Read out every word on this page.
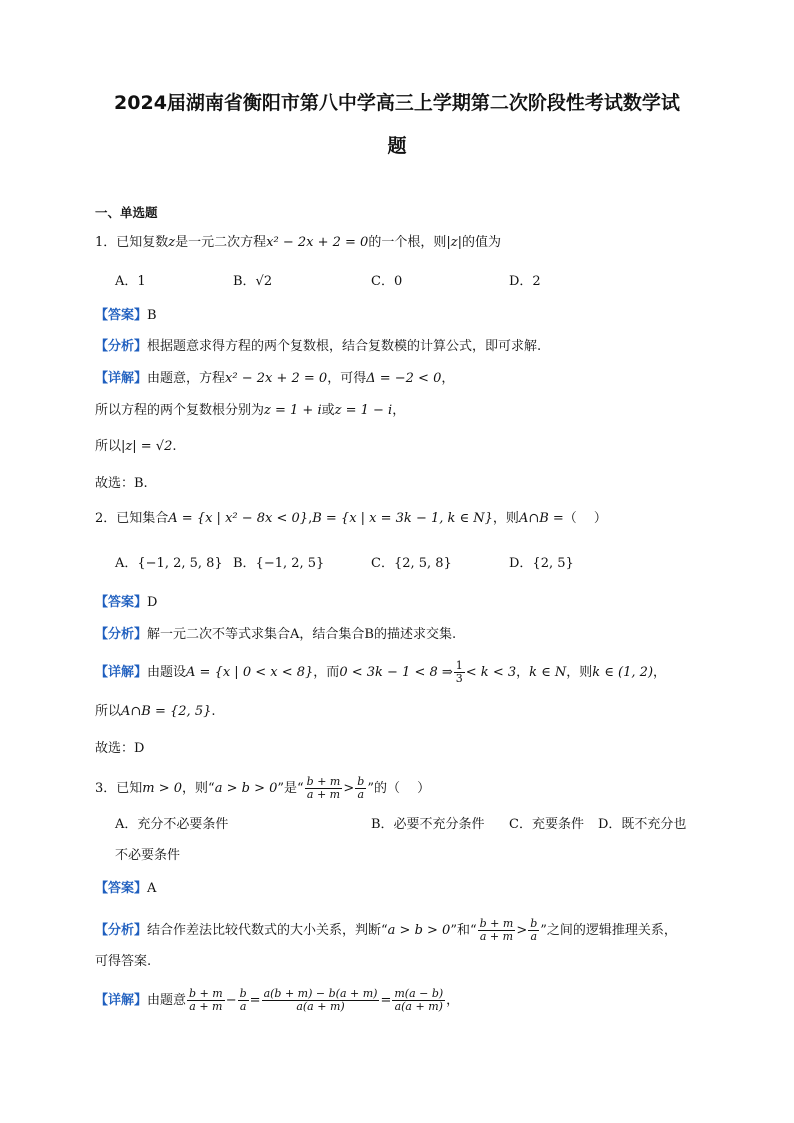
2024届湖南省衡阳市第八中学高三上学期第二次阶段性考试数学试
题
一、单选题
1．已知复数z是一元二次方程x² − 2x + 2 = 0的一个根，则|z|的值为
A．1	B．√2	C．0	D．2
【答案】B
【分析】根据题意求得方程的两个复数根，结合复数模的计算公式，即可求解.
【详解】由题意，方程x² − 2x + 2 = 0，可得Δ = −2 < 0，
所以方程的两个复数根分别为z = 1 + i或z = 1 − i，
所以|z| = √2.
故选：B.
2．已知集合A = {x | x² − 8x < 0},B = {x | x = 3k − 1, k ∈ N}，则A∩B =（　 ）
A．{−1, 2, 5, 8} B．{−1, 2, 5}	C．{2, 5, 8}	D．{2, 5}
【答案】D
【分析】解一元二次不等式求集合A，结合集合B的描述求交集.
【详解】由题设A = {x | 0 < x < 8}，而0 < 3k − 1 < 8 ⇒ $\frac{1}{3} < k < 3$，k ∈ N，则k ∈ (1, 2)，
所以A∩B = {2, 5}.
故选：D
3．已知m > 0，则“a > b > 0”是“ $\frac{b + m}{a + m} > \frac{b}{a}$ ”的（　 ）
A．充分不必要条件	B．必要不充分条件 C．充要条件 D．既不充分也
不必要条件
【答案】A
【分析】结合作差法比较代数式的大小关系，判断“a > b > 0”和“ $\frac{b + m}{a + m} > \frac{b}{a}$ ”之间的逻辑推理关系，
可得答案.
【详解】由题意 $\frac{b + m}{a + m} - \frac{b}{a} = \frac{a(b + m) - b(a + m)}{a(a + m)} = \frac{m(a - b)}{a(a + m)}$ ，
